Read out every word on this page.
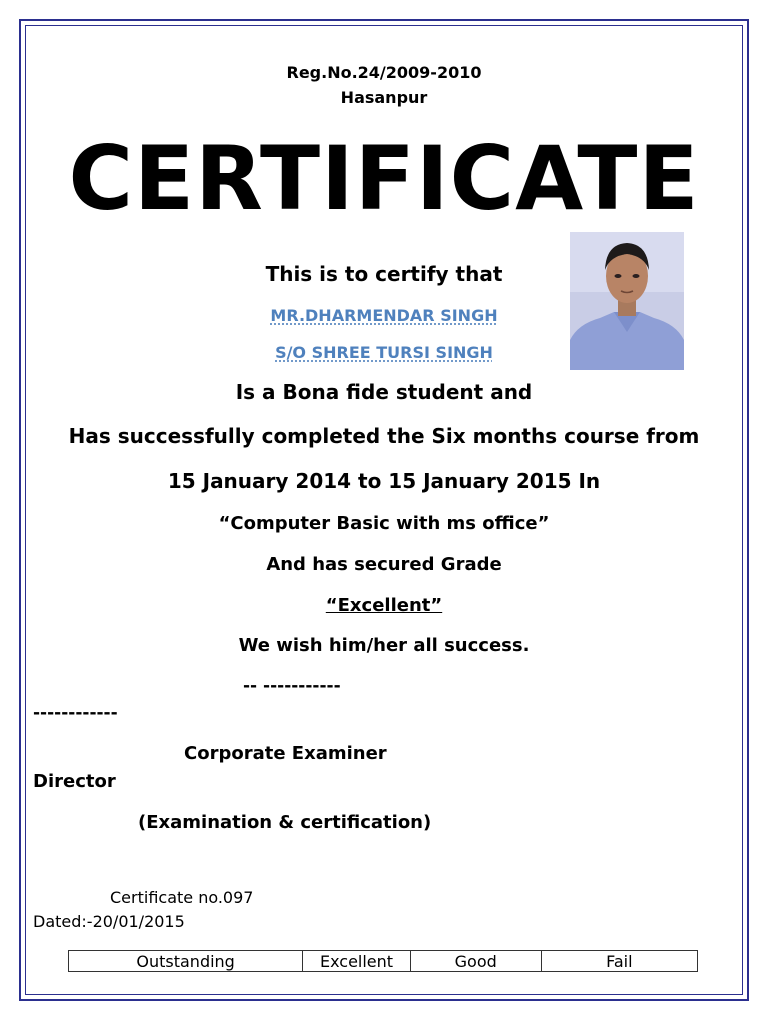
Reg.No.24/2009-2010
Hasanpur
CERTIFICATE
This is to certify that
MR.DHARMENDAR SINGH
S/O SHREE TURSI SINGH
Is a Bona fide student and
Has successfully completed the Six months course from
15 January 2014 to 15 January 2015 In
“Computer Basic with ms office”
And has secured Grade
“Excellent”
We wish him/her all success.
-- -----------
------------
Corporate Examiner
Director
(Examination & certification)
Certificate no.097
Dated:-20/01/2015
Outstanding	Excellent	Good	Fail
